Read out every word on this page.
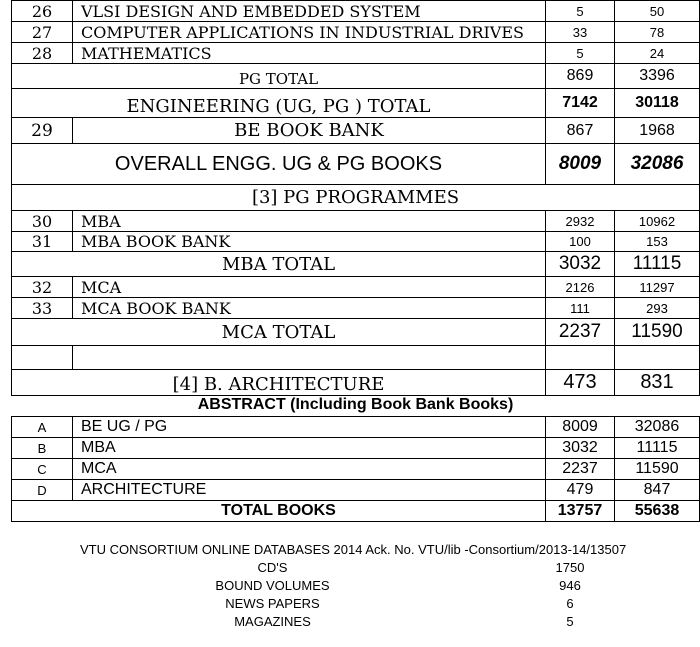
26	VLSI DESIGN AND EMBEDDED SYSTEM	5	50
27	COMPUTER APPLICATIONS IN INDUSTRIAL DRIVES	33	78
28	MATHEMATICS	5	24
PG TOTAL		869	3396
ENGINEERING (UG, PG ) TOTAL		7142	30118
29	BE BOOK BANK	867	1968
OVERALL ENGG. UG & PG BOOKS		8009	32086
[3] PG PROGRAMMES			
30	MBA	2932	10962
31	MBA BOOK BANK	100	153
MBA TOTAL		3032	11115
32	MCA	2126	11297
33	MCA BOOK BANK	111	293
MCA TOTAL		2237	11590

[4] B. ARCHITECTURE		473	831
ABSTRACT (Including Book Bank Books)
A	BE UG / PG	8009	32086
B	MBA	3032	11115
C	MCA	2237	11590
D	ARCHITECTURE	479	847
TOTAL BOOKS		13757	55638
VTU CONSORTIUM ONLINE DATABASES 2014 Ack. No. VTU/lib -Consortium/2013-14/13507
CD'S	1750
BOUND VOLUMES	946
NEWS PAPERS	6
MAGAZINES	5
